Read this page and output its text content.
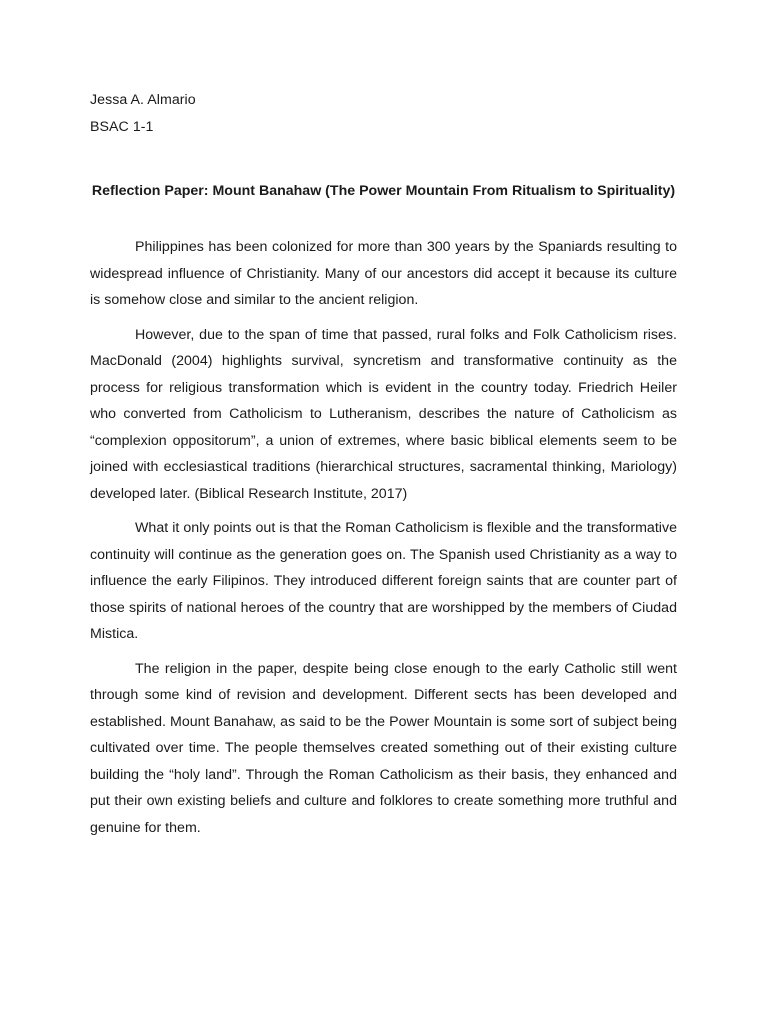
Jessa A. Almario

BSAC 1-1

Reflection Paper: Mount Banahaw (The Power Mountain From Ritualism to Spirituality)

Philippines has been colonized for more than 300 years by the Spaniards resulting to widespread influence of Christianity. Many of our ancestors did accept it because its culture is somehow close and similar to the ancient religion.

However, due to the span of time that passed, rural folks and Folk Catholicism rises. MacDonald (2004) highlights survival, syncretism and transformative continuity as the process for religious transformation which is evident in the country today. Friedrich Heiler who converted from Catholicism to Lutheranism, describes the nature of Catholicism as “complexion oppositorum”, a union of extremes, where basic biblical elements seem to be joined with ecclesiastical traditions (hierarchical structures, sacramental thinking, Mariology) developed later. (Biblical Research Institute, 2017)

What it only points out is that the Roman Catholicism is flexible and the transformative continuity will continue as the generation goes on. The Spanish used Christianity as a way to influence the early Filipinos. They introduced different foreign saints that are counter part of those spirits of national heroes of the country that are worshipped by the members of Ciudad Mistica.

The religion in the paper, despite being close enough to the early Catholic still went through some kind of revision and development. Different sects has been developed and established. Mount Banahaw, as said to be the Power Mountain is some sort of subject being cultivated over time. The people themselves created something out of their existing culture building the “holy land”. Through the Roman Catholicism as their basis, they enhanced and put their own existing beliefs and culture and folklores to create something more truthful and genuine for them.
